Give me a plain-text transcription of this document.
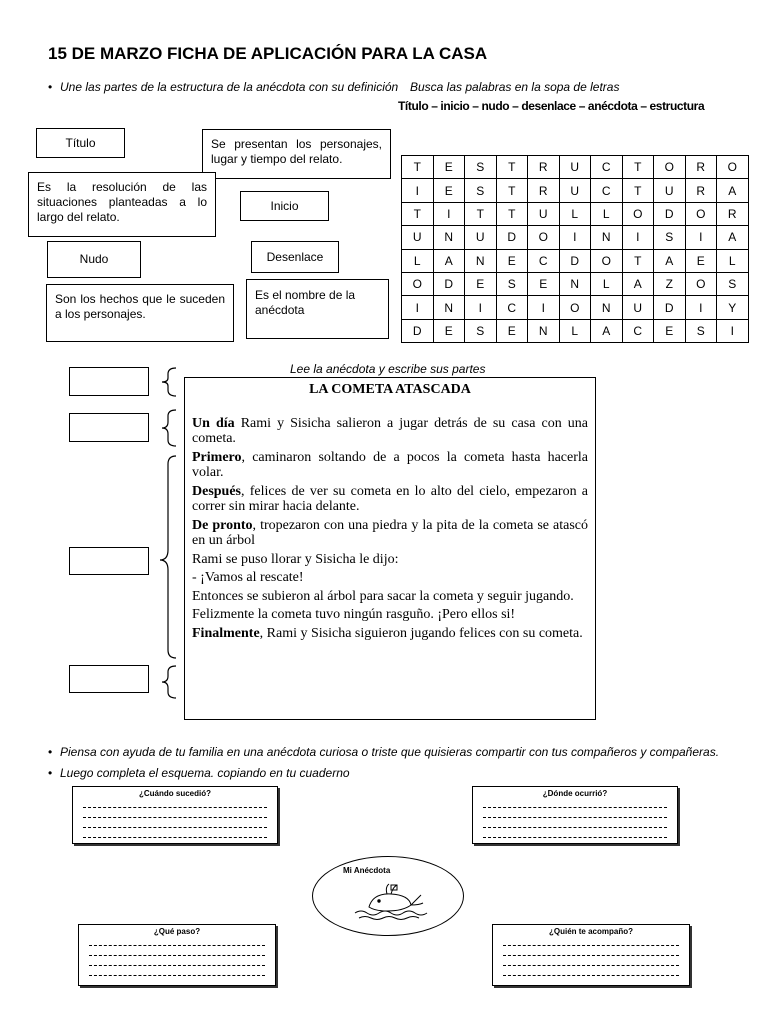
15 DE MARZO FICHA DE APLICACIÓN PARA LA CASA
• Une las partes de la estructura de la anécdota con su definición Busca las palabras en la sopa de letras
Título – inicio – nudo – desenlace – anécdota – estructura
Título	Se presentan los personajes, lugar y tiempo del relato.
Es la resolución de las situaciones planteadas a lo largo del relato.
Inicio
Nudo	Desenlace
Son los hechos que le suceden a los personajes.
Es el nombre de la anécdota
T	E	S	T	R	U	C	T	O	R	O
I	E	S	T	R	U	C	T	U	R	A
T	I	T	T	U	L	L	O	D	O	R
U	N	U	D	O	I	N	I	S	I	A
L	A	N	E	C	D	O	T	A	E	L
O	D	E	S	E	N	L	A	Z	O	S
I	N	I	C	I	O	N	U	D	I	Y
D	E	S	E	N	L	A	C	E	S	I
Lee la anécdota y escribe sus partes
LA COMETA ATASCADA

Un día Rami y Sisicha salieron a jugar detrás de su casa con una cometa.

Primero, caminaron soltando de a pocos la cometa hasta hacerla volar.

Después, felices de ver su cometa en lo alto del cielo, empezaron a correr sin mirar hacia delante.

De pronto, tropezaron con una piedra y la pita de la cometa se atascó en un árbol

Rami se puso llorar y Sisicha le dijo:

- ¡Vamos al rescate!

Entonces se subieron al árbol para sacar la cometa y seguir jugando.

Felizmente la cometa tuvo ningún rasguño. ¡Pero ellos si!

Finalmente, Rami y Sisicha siguieron jugando felices con su cometa.

• Piensa con ayuda de tu familia en una anécdota curiosa o triste que quisieras compartir con tus compañeros y compañeras.
• Luego completa el esquema. copiando en tu cuaderno
¿Cuándo sucedió?	¿Dónde ocurrió?
Mi Anécdota
¿Qué paso?	¿Quién te acompaño?
